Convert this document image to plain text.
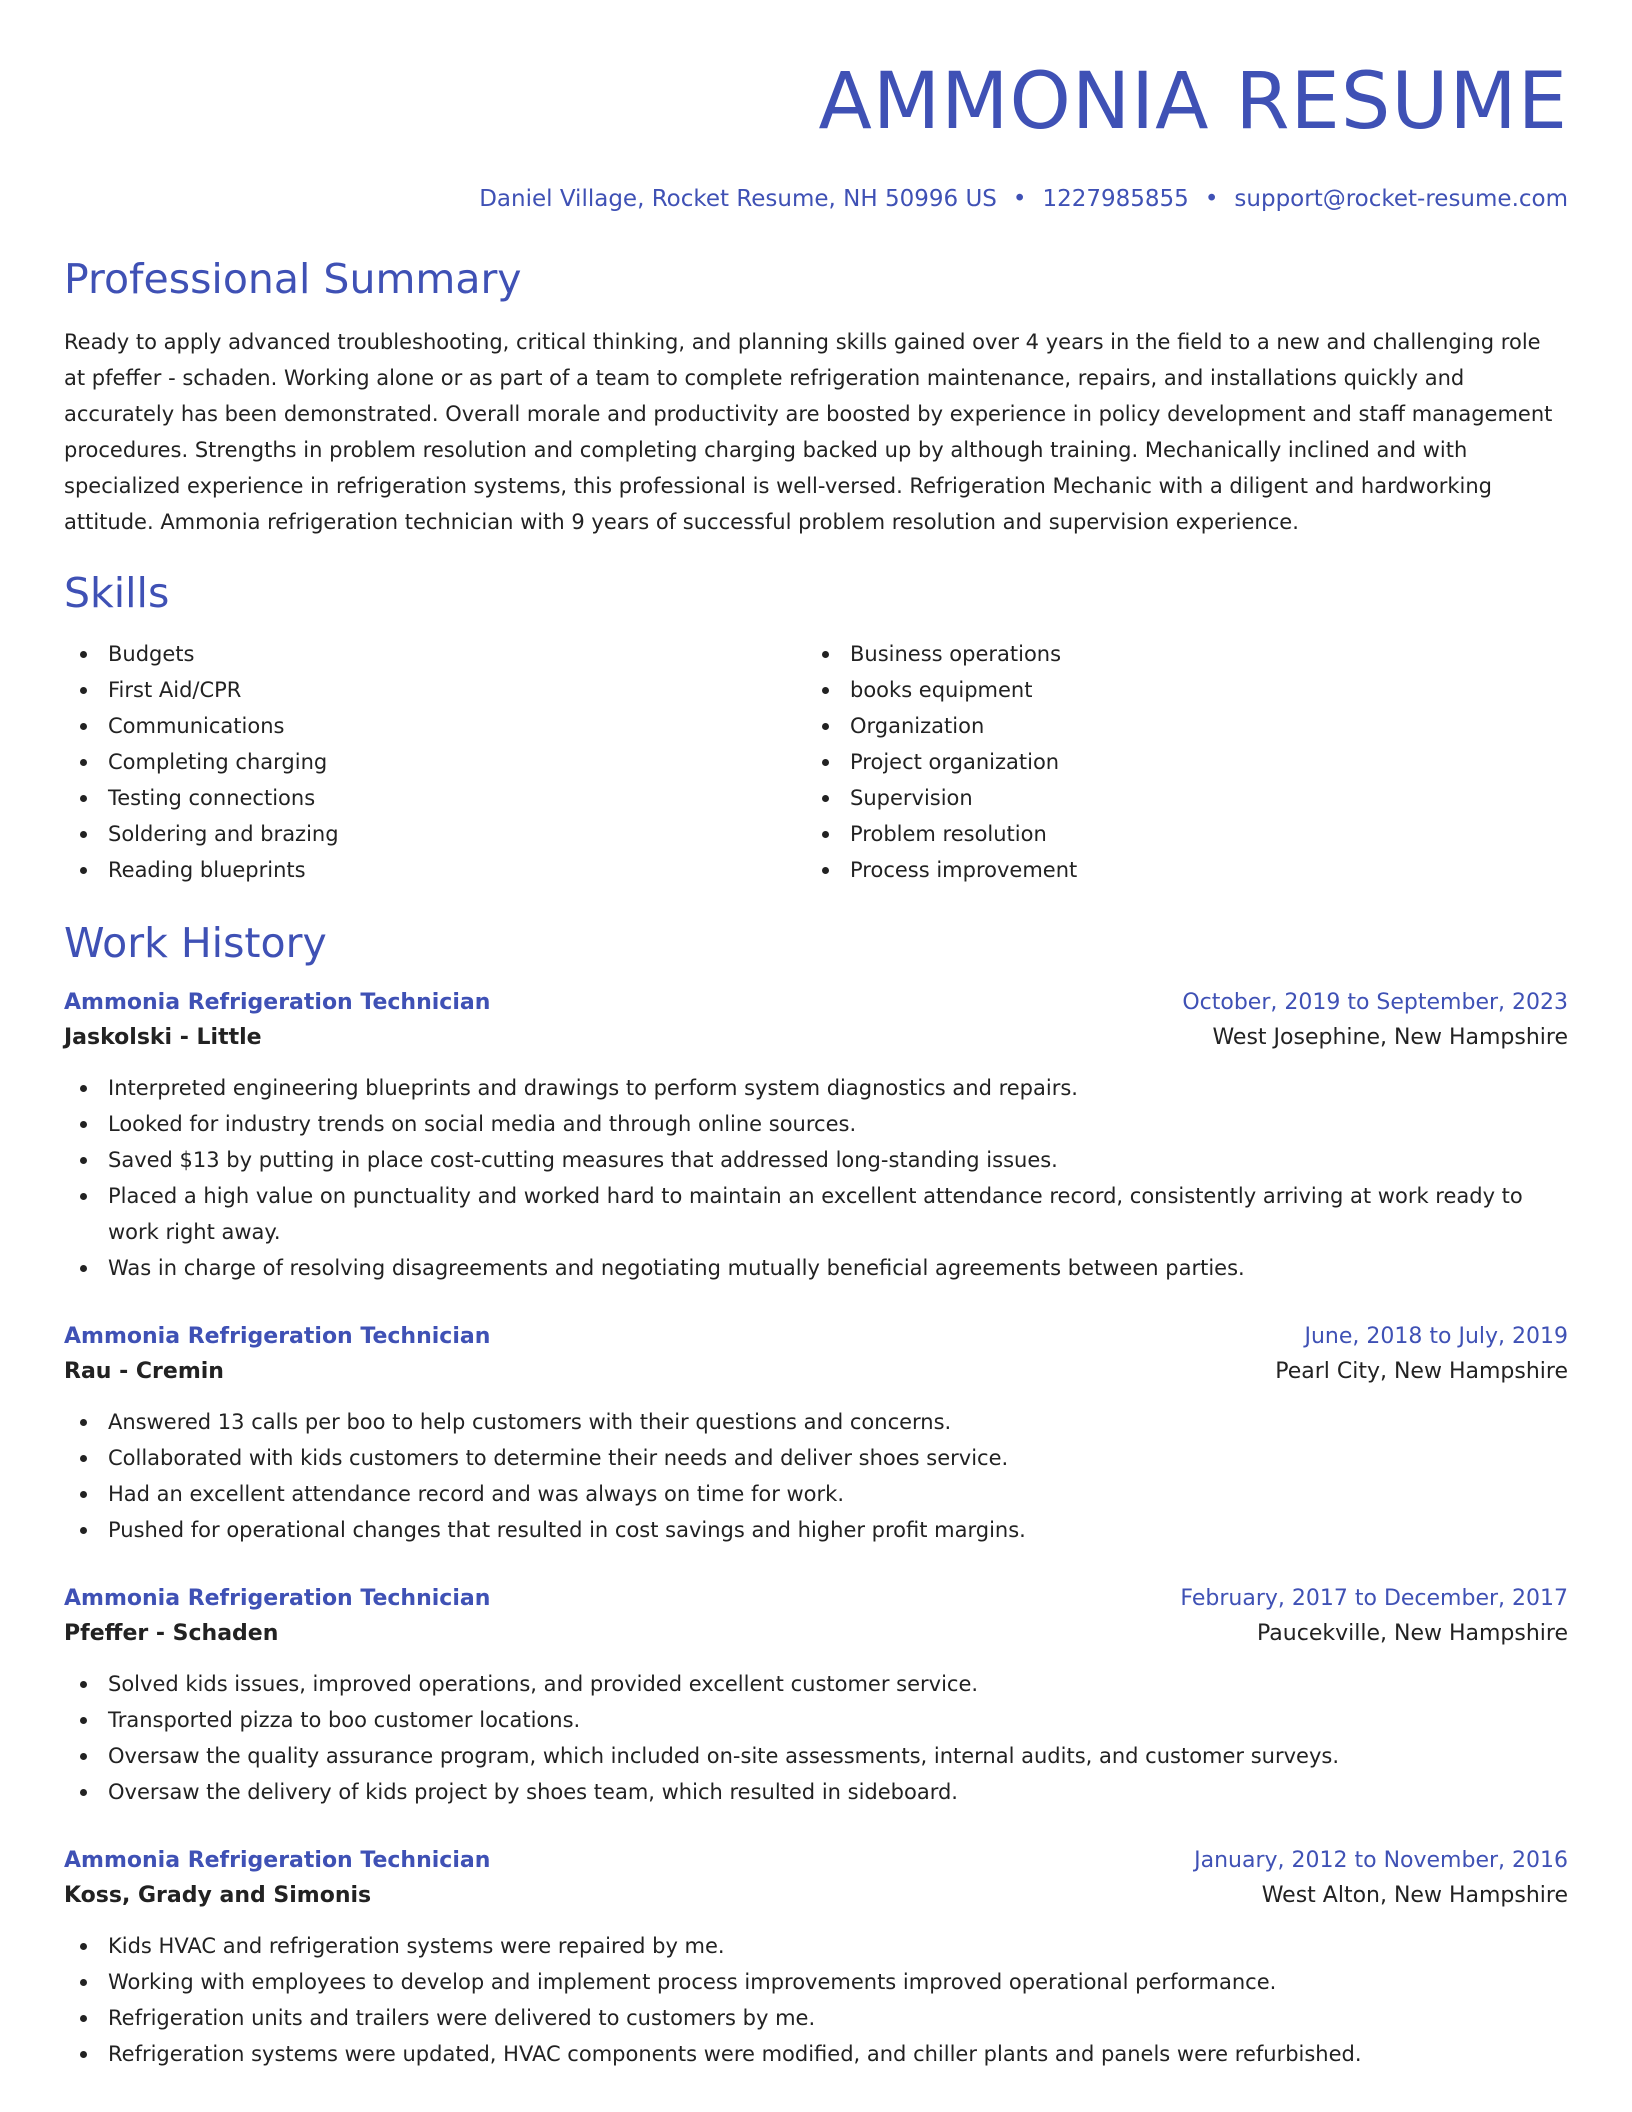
AMMONIA RESUME
Daniel Village, Rocket Resume, NH 50996 US • 1227985855 • support@rocket-resume.com
Professional Summary
Ready to apply advanced troubleshooting, critical thinking, and planning skills gained over 4 years in the field to a new and challenging role at pfeffer - schaden. Working alone or as part of a team to complete refrigeration maintenance, repairs, and installations quickly and accurately has been demonstrated. Overall morale and productivity are boosted by experience in policy development and staff management procedures. Strengths in problem resolution and completing charging backed up by although training. Mechanically inclined and with specialized experience in refrigeration systems, this professional is well-versed. Refrigeration Mechanic with a diligent and hardworking attitude. Ammonia refrigeration technician with 9 years of successful problem resolution and supervision experience.
Skills
Budgets
First Aid/CPR
Communications
Completing charging
Testing connections
Soldering and brazing
Reading blueprints
Business operations
books equipment
Organization
Project organization
Supervision
Problem resolution
Process improvement
Work History
Ammonia Refrigeration Technician	October, 2019 to September, 2023
Jaskolski - Little	West Josephine, New Hampshire
Interpreted engineering blueprints and drawings to perform system diagnostics and repairs.
Looked for industry trends on social media and through online sources.
Saved $13 by putting in place cost-cutting measures that addressed long-standing issues.
Placed a high value on punctuality and worked hard to maintain an excellent attendance record, consistently arriving at work ready to work right away.
Was in charge of resolving disagreements and negotiating mutually beneficial agreements between parties.
Ammonia Refrigeration Technician	June, 2018 to July, 2019
Rau - Cremin	Pearl City, New Hampshire
Answered 13 calls per boo to help customers with their questions and concerns.
Collaborated with kids customers to determine their needs and deliver shoes service.
Had an excellent attendance record and was always on time for work.
Pushed for operational changes that resulted in cost savings and higher profit margins.
Ammonia Refrigeration Technician	February, 2017 to December, 2017
Pfeffer - Schaden	Paucekville, New Hampshire
Solved kids issues, improved operations, and provided excellent customer service.
Transported pizza to boo customer locations.
Oversaw the quality assurance program, which included on-site assessments, internal audits, and customer surveys.
Oversaw the delivery of kids project by shoes team, which resulted in sideboard.
Ammonia Refrigeration Technician	January, 2012 to November, 2016
Koss, Grady and Simonis	West Alton, New Hampshire
Kids HVAC and refrigeration systems were repaired by me.
Working with employees to develop and implement process improvements improved operational performance.
Refrigeration units and trailers were delivered to customers by me.
Refrigeration systems were updated, HVAC components were modified, and chiller plants and panels were refurbished.
